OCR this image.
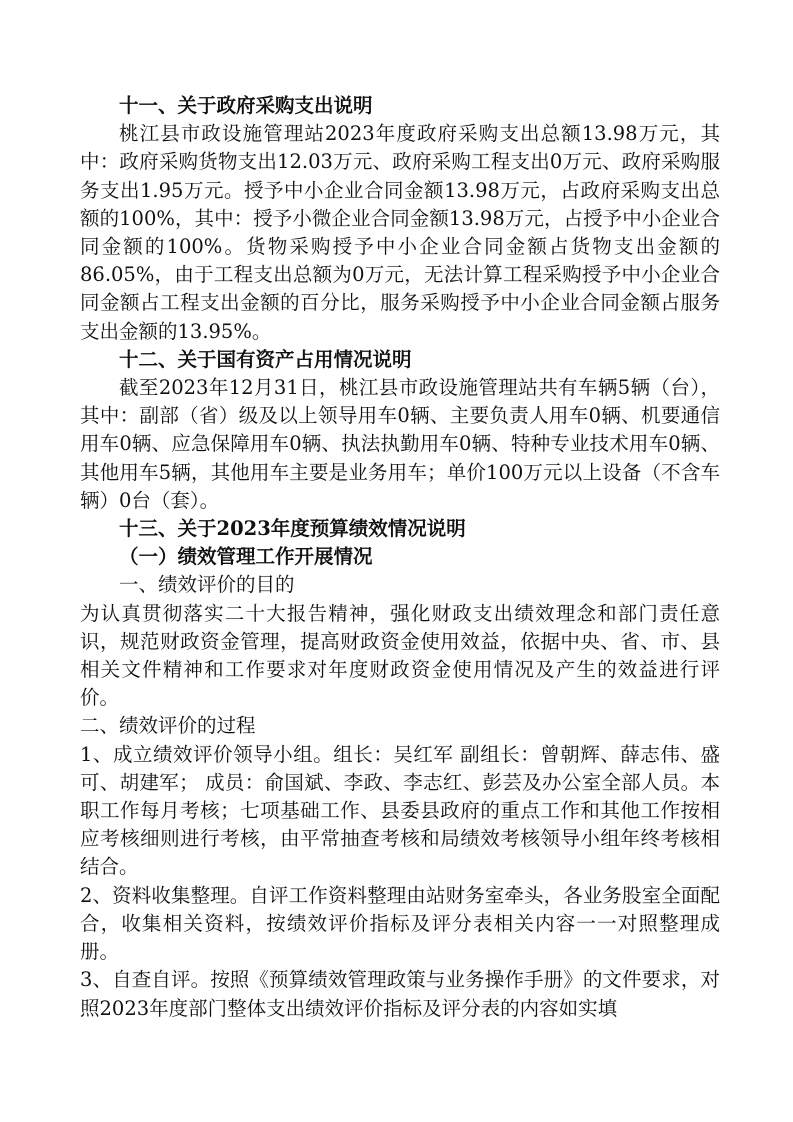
十一、关于政府采购支出说明

桃江县市政设施管理站2023年度政府采购支出总额13.98万元，其中：政府采购货物支出12.03万元、政府采购工程支出0万元、政府采购服务支出1.95万元。授予中小企业合同金额13.98万元，占政府采购支出总额的100%，其中：授予小微企业合同金额13.98万元，占授予中小企业合同金额的100%。货物采购授予中小企业合同金额占货物支出金额的86.05%，由于工程支出总额为0万元，无法计算工程采购授予中小企业合同金额占工程支出金额的百分比，服务采购授予中小企业合同金额占服务支出金额的13.95%。

十二、关于国有资产占用情况说明

截至2023年12月31日，桃江县市政设施管理站共有车辆5辆（台），其中：副部（省）级及以上领导用车0辆、主要负责人用车0辆、机要通信用车0辆、应急保障用车0辆、执法执勤用车0辆、特种专业技术用车0辆、其他用车5辆，其他用车主要是业务用车；单价100万元以上设备（不含车辆）0台（套）。

十三、关于2023年度预算绩效情况说明

（一）绩效管理工作开展情况

一、绩效评价的目的

为认真贯彻落实二十大报告精神，强化财政支出绩效理念和部门责任意识，规范财政资金管理，提高财政资金使用效益，依据中央、省、市、县相关文件精神和工作要求对年度财政资金使用情况及产生的效益进行评价。

二、绩效评价的过程

1、成立绩效评价领导小组。组长：吴红军 副组长：曾朝辉、薛志伟、盛可、胡建军； 成员：俞国斌、李政、李志红、彭芸及办公室全部人员。本职工作每月考核；七项基础工作、县委县政府的重点工作和其他工作按相应考核细则进行考核，由平常抽查考核和局绩效考核领导小组年终考核相结合。

2、资料收集整理。自评工作资料整理由站财务室牵头，各业务股室全面配合，收集相关资料，按绩效评价指标及评分表相关内容一一对照整理成册。

3、自查自评。按照《预算绩效管理政策与业务操作手册》的文件要求，对照2023年度部门整体支出绩效评价指标及评分表的内容如实填
